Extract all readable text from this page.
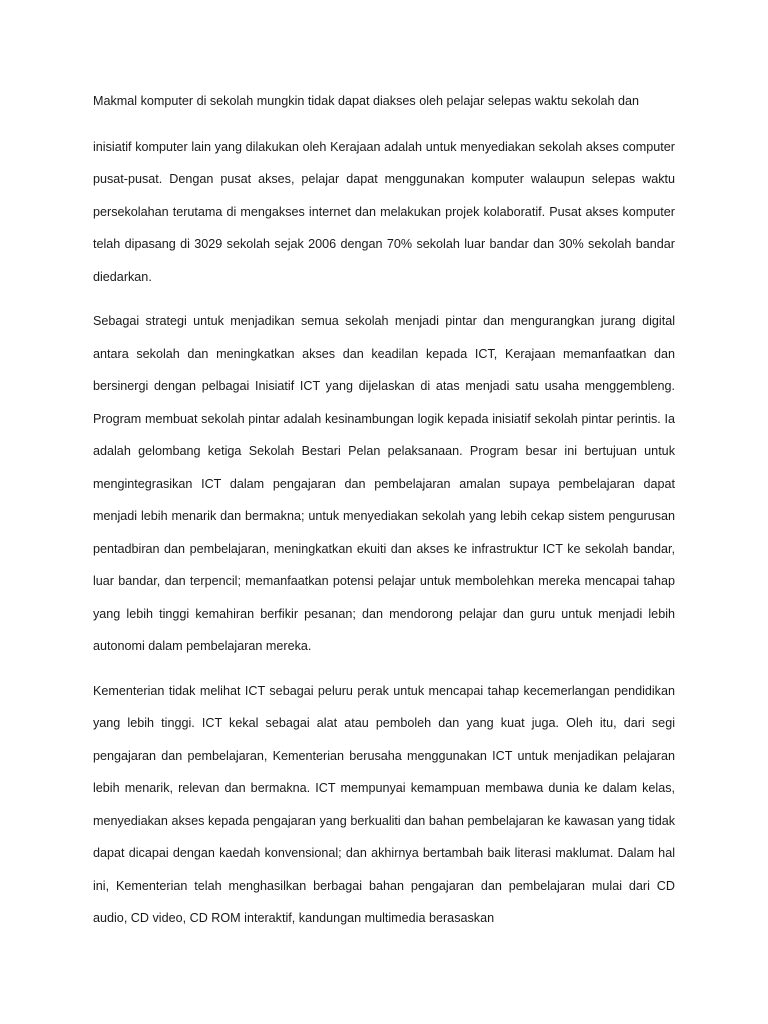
Makmal komputer di sekolah mungkin tidak dapat diakses oleh pelajar selepas waktu sekolah dan

inisiatif komputer lain yang dilakukan oleh Kerajaan adalah untuk menyediakan sekolah akses computer pusat-pusat. Dengan pusat akses, pelajar dapat menggunakan komputer walaupun selepas waktu persekolahan terutama di mengakses internet dan melakukan projek kolaboratif. Pusat akses komputer telah dipasang di 3029 sekolah sejak 2006 dengan 70% sekolah luar bandar dan 30% sekolah bandar diedarkan.

Sebagai strategi untuk menjadikan semua sekolah menjadi pintar dan mengurangkan jurang digital antara sekolah dan meningkatkan akses dan keadilan kepada ICT, Kerajaan memanfaatkan dan bersinergi dengan pelbagai Inisiatif ICT yang dijelaskan di atas menjadi satu usaha menggembleng. Program membuat sekolah pintar adalah kesinambungan logik kepada inisiatif sekolah pintar perintis. Ia adalah gelombang ketiga Sekolah Bestari Pelan pelaksanaan. Program besar ini bertujuan untuk mengintegrasikan ICT dalam pengajaran dan pembelajaran amalan supaya pembelajaran dapat menjadi lebih menarik dan bermakna; untuk menyediakan sekolah yang lebih cekap sistem pengurusan pentadbiran dan pembelajaran, meningkatkan ekuiti dan akses ke infrastruktur ICT ke sekolah bandar, luar bandar, dan terpencil; memanfaatkan potensi pelajar untuk membolehkan mereka mencapai tahap yang lebih tinggi kemahiran berfikir pesanan; dan mendorong pelajar dan guru untuk menjadi lebih autonomi dalam pembelajaran mereka.

Kementerian tidak melihat ICT sebagai peluru perak untuk mencapai tahap kecemerlangan pendidikan yang lebih tinggi. ICT kekal sebagai alat atau pemboleh dan yang kuat juga. Oleh itu, dari segi pengajaran dan pembelajaran, Kementerian berusaha menggunakan ICT untuk menjadikan pelajaran lebih menarik, relevan dan bermakna. ICT mempunyai kemampuan membawa dunia ke dalam kelas, menyediakan akses kepada pengajaran yang berkualiti dan bahan pembelajaran ke kawasan yang tidak dapat dicapai dengan kaedah konvensional; dan akhirnya bertambah baik literasi maklumat. Dalam hal ini, Kementerian telah menghasilkan berbagai bahan pengajaran dan pembelajaran mulai dari CD audio, CD video, CD ROM interaktif, kandungan multimedia berasaskan
